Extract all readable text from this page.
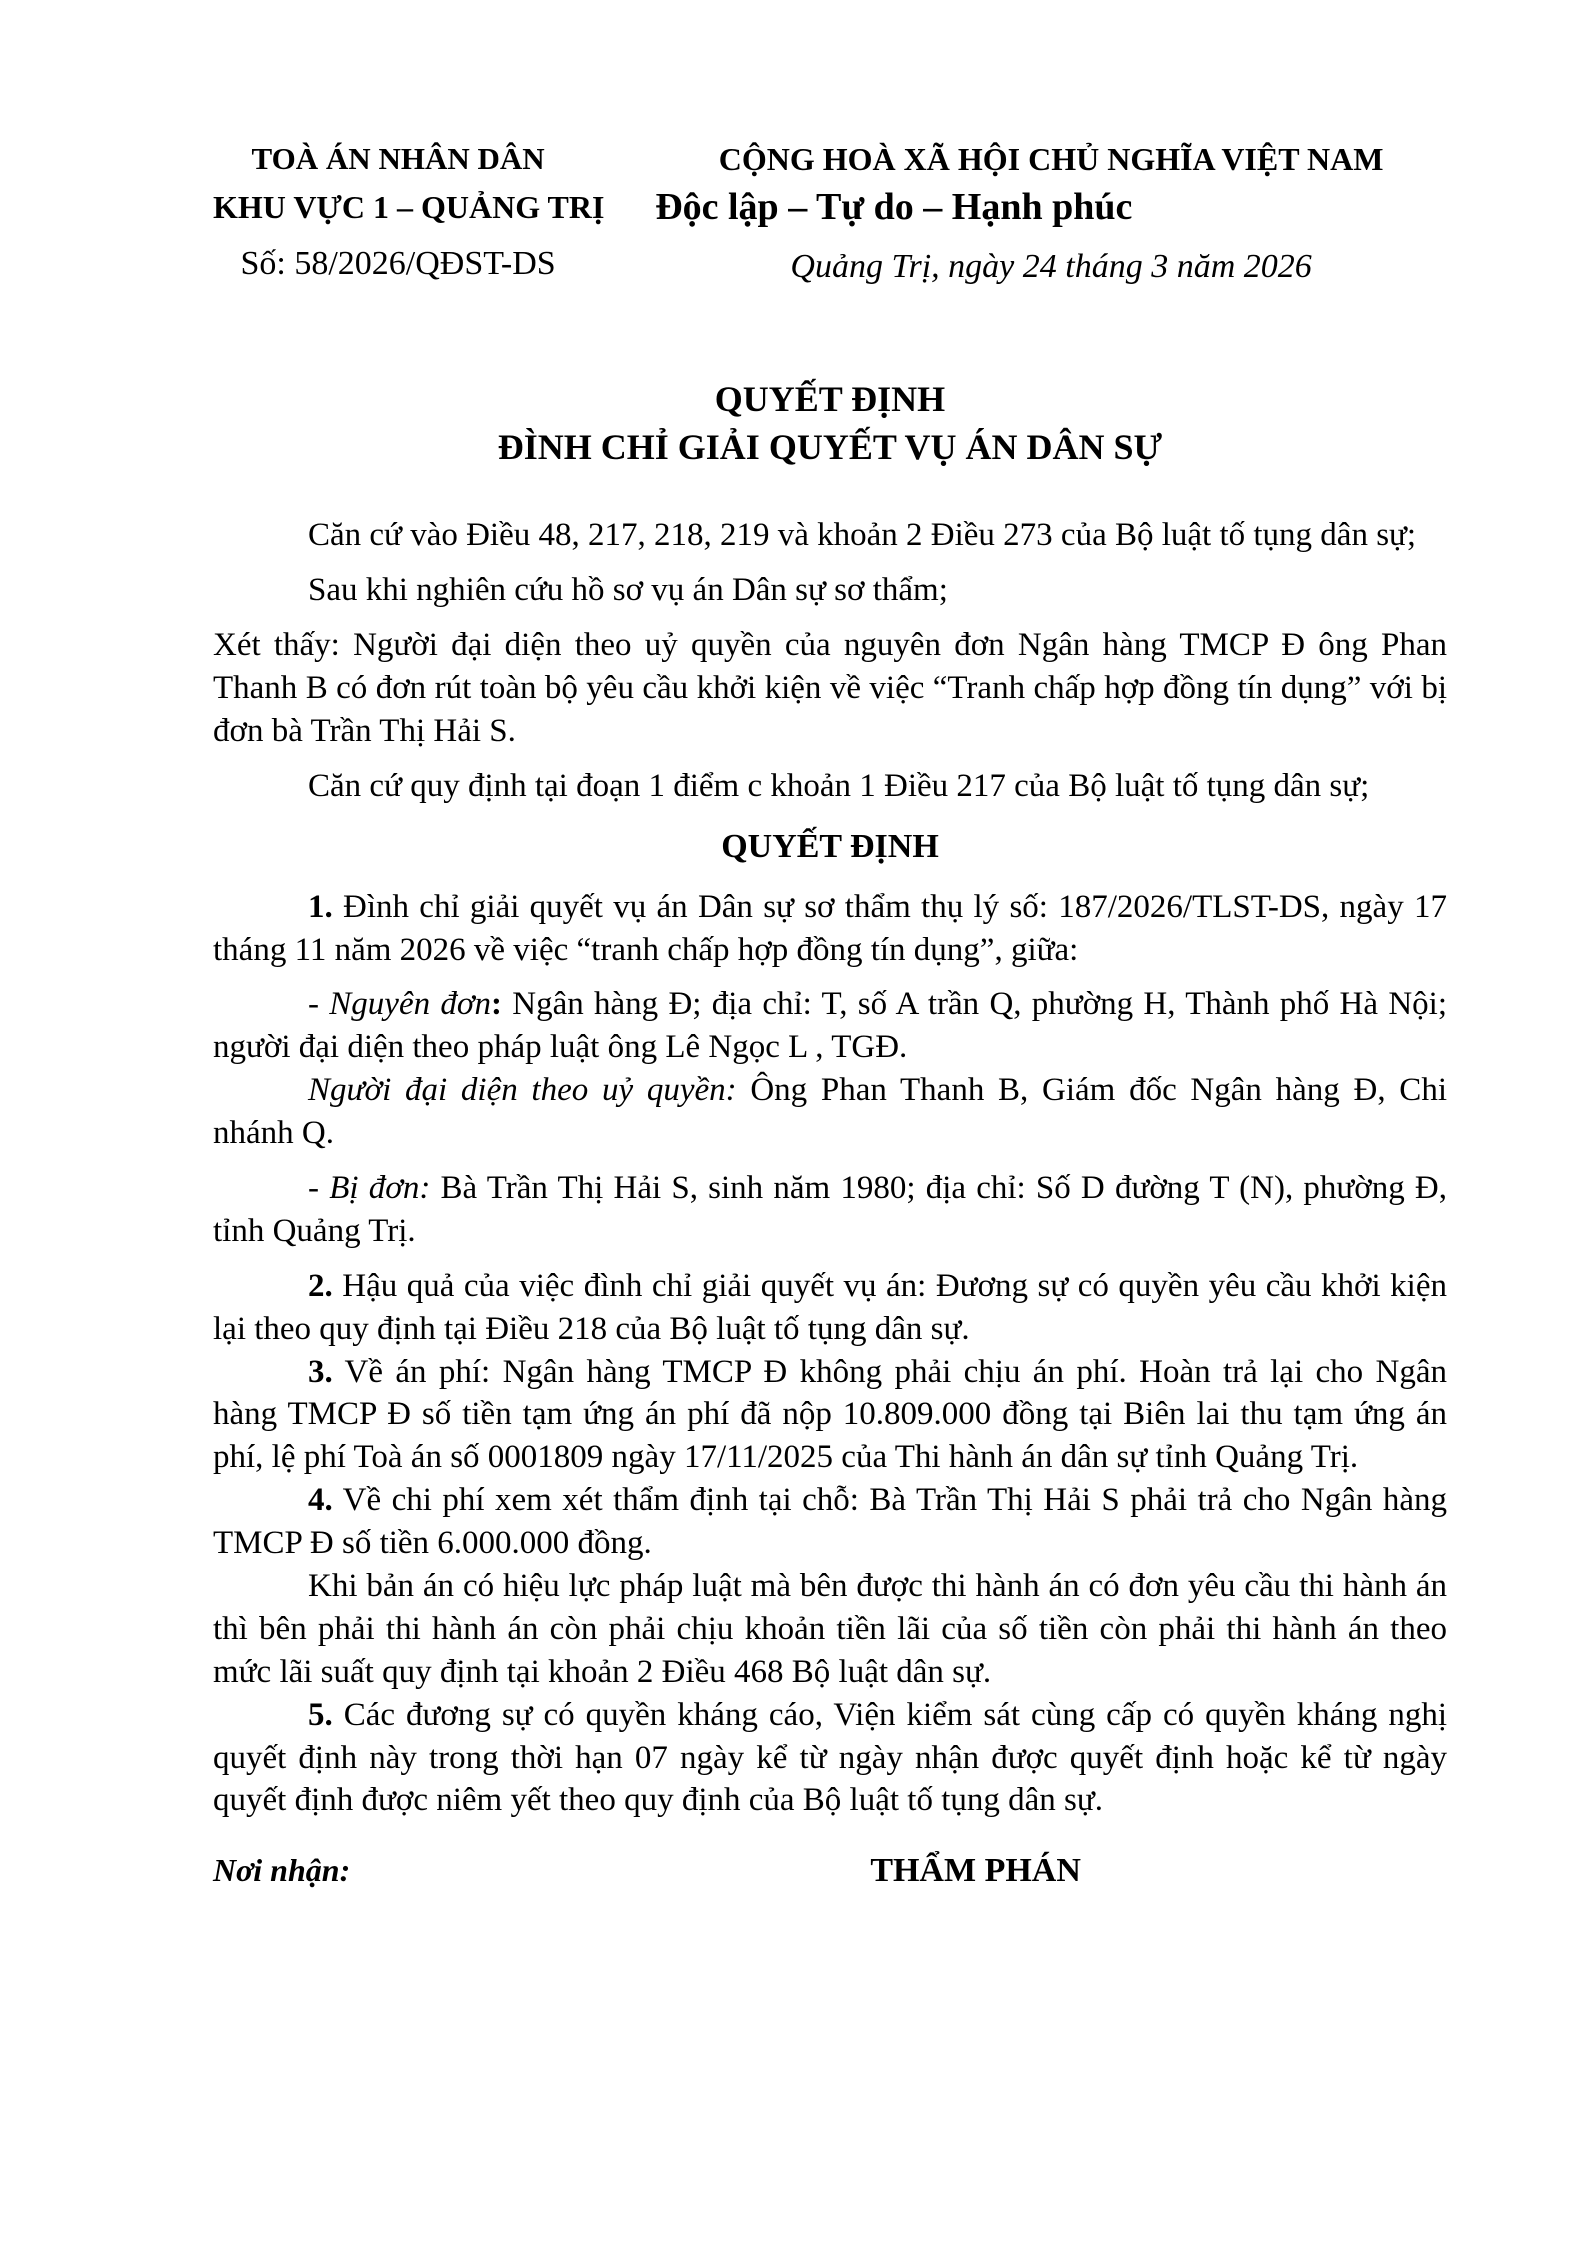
TOÀ ÁN NHÂN DÂN
KHU VỰC 1 – QUẢNG TRỊ
Số: 58/2026/QĐST-DS
CỘNG HOÀ XÃ HỘI CHỦ NGHĨA VIỆT NAM
Độc lập – Tự do – Hạnh phúc
Quảng Trị, ngày 24 tháng 3 năm 2026
QUYẾT ĐỊNH
ĐÌNH CHỈ GIẢI QUYẾT VỤ ÁN DÂN SỰ

Căn cứ vào Điều 48, 217, 218, 219 và khoản 2 Điều 273 của Bộ luật tố tụng dân sự;

Sau khi nghiên cứu hồ sơ vụ án Dân sự sơ thẩm;

Xét thấy: Người đại diện theo uỷ quyền của nguyên đơn Ngân hàng TMCP Đ ông Phan Thanh B có đơn rút toàn bộ yêu cầu khởi kiện về việc “Tranh chấp hợp đồng tín dụng” với bị đơn bà Trần Thị Hải S.

Căn cứ quy định tại đoạn 1 điểm c khoản 1 Điều 217 của Bộ luật tố tụng dân sự;

QUYẾT ĐỊNH

1. Đình chỉ giải quyết vụ án Dân sự sơ thẩm thụ lý số: 187/2026/TLST-DS, ngày 17 tháng 11 năm 2026 về việc “tranh chấp hợp đồng tín dụng”, giữa:

- Nguyên đơn: Ngân hàng Đ; địa chỉ: T, số A trần Q, phường H, Thành phố Hà Nội; người đại diện theo pháp luật ông Lê Ngọc L , TGĐ.

Người đại diện theo uỷ quyền: Ông Phan Thanh B, Giám đốc Ngân hàng Đ, Chi nhánh Q.

- Bị đơn: Bà Trần Thị Hải S, sinh năm 1980; địa chỉ: Số D đường T (N), phường Đ, tỉnh Quảng Trị.

2. Hậu quả của việc đình chỉ giải quyết vụ án: Đương sự có quyền yêu cầu khởi kiện lại theo quy định tại Điều 218 của Bộ luật tố tụng dân sự.

3. Về án phí: Ngân hàng TMCP Đ không phải chịu án phí. Hoàn trả lại cho Ngân hàng TMCP Đ số tiền tạm ứng án phí đã nộp 10.809.000 đồng tại Biên lai thu tạm ứng án phí, lệ phí Toà án số 0001809 ngày 17/11/2025 của Thi hành án dân sự tỉnh Quảng Trị.

4. Về chi phí xem xét thẩm định tại chỗ: Bà Trần Thị Hải S phải trả cho Ngân hàng TMCP Đ số tiền 6.000.000 đồng.

Khi bản án có hiệu lực pháp luật mà bên được thi hành án có đơn yêu cầu thi hành án thì bên phải thi hành án còn phải chịu khoản tiền lãi của số tiền còn phải thi hành án theo mức lãi suất quy định tại khoản 2 Điều 468 Bộ luật dân sự.

5. Các đương sự có quyền kháng cáo, Viện kiểm sát cùng cấp có quyền kháng nghị quyết định này trong thời hạn 07 ngày kể từ ngày nhận được quyết định hoặc kể từ ngày quyết định được niêm yết theo quy định của Bộ luật tố tụng dân sự.

Nơi nhận:	THẨM PHÁN
